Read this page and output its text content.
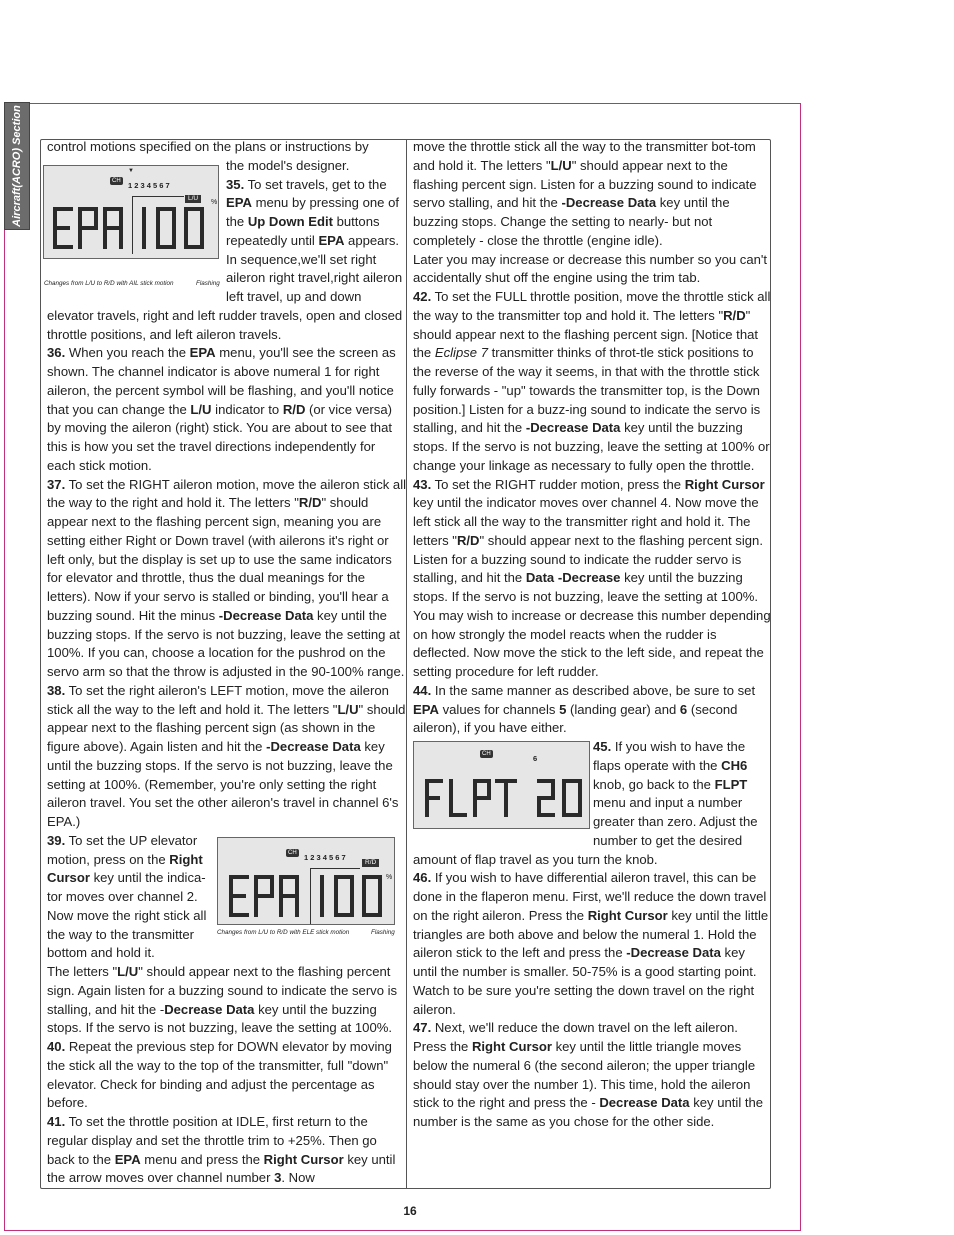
Aircraft(ACRO) Section control motions specified on the plans or instructions by

▼
CH 1 2 3 4 5 6 7
L/U
%
Changes from L/U to R/D with AIL stick motion	Flashing

the model's designer.

35. To set travels, get to the EPA menu by pressing one of the Up Down Edit buttons repeatedly until EPA appears. In sequence,we'll set right aileron right travel,right aileron left travel, up and down elevator travels, right and left rudder travels, open and closed throttle positions, and left aileron travels.

36. When you reach the EPA menu, you'll see the screen as shown. The channel indicator is above numeral 1 for right aileron, the percent symbol will be flashing, and you'll notice that you can change the L/U indicator to R/D (or vice versa) by moving the aileron (right) stick. You are about to see that this is how you set the travel directions independently for each stick motion.

37. To set the RIGHT aileron motion, move the aileron stick all the way to the right and hold it. The letters "R/D" should appear next to the flashing percent sign, meaning you are setting either Right or Down travel (with ailerons it's right or left only, but the display is set up to use the same indicators for elevator and throttle, thus the dual meanings for the letters). Now if your servo is stalled or binding, you'll hear a buzzing sound. Hit the minus -Decrease Data key until the buzzing stops. If the servo is not buzzing, leave the setting at 100%. If you can, choose a location for the pushrod on the servo arm so that the throw is adjusted in the 90-100% range.

38. To set the right aileron's LEFT motion, move the aileron stick all the way to the left and hold it. The letters "L/U" should appear next to the flashing percent sign (as shown in the figure above). Again listen and hit the -Decrease Data key until the buzzing stops. If the servo is not buzzing, leave the setting at 100%. (Remember, you're only setting the right aileron travel. You set the other aileron's travel in channel 6's EPA.)

CH 1 2 3 4 5 6 7
R/D
%
Changes from L/U to R/D with ELE stick motion	Flashing

39. To set the UP elevator motion, press on the Right Cursor key until the indica-tor moves over channel 2. Now move the right stick all the way to the transmitter bottom and hold it.

The letters "L/U" should appear next to the flashing percent sign. Again listen for a buzzing sound to indicate the servo is stalling, and hit the -Decrease Data key until the buzzing stops. If the servo is not buzzing, leave the setting at 100%.

40. Repeat the previous step for DOWN elevator by moving the stick all the way to the top of the transmitter, full "down" elevator. Check for binding and adjust the percentage as before.

41. To set the throttle position at IDLE, first return to the regular display and set the throttle trim to +25%. Then go back to the EPA menu and press the Right Cursor key until the arrow moves over channel number 3. Now

move the throttle stick all the way to the transmitter bot-tom and hold it. The letters "L/U" should appear next to the flashing percent sign. Listen for a buzzing sound to indicate servo stalling, and hit the -Decrease Data key until the buzzing stops. Change the setting to nearly- but not completely - close the throttle (engine idle).

Later you may increase or decrease this number so you can't accidentally shut off the engine using the trim tab.

42. To set the FULL throttle position, move the throttle stick all the way to the transmitter top and hold it. The letters "R/D" should appear next to the flashing percent sign. [Notice that the Eclipse 7 transmitter thinks of throt-tle stick positions to the reverse of the way it seems, in that with the throttle stick fully forwards - "up" towards the transmitter top, is the Down position.] Listen for a buzz-ing sound to indicate the servo is stalling, and hit the -Decrease Data key until the buzzing stops. If the servo is not buzzing, leave the setting at 100% or change your linkage as necessary to fully open the throttle.

43. To set the RIGHT rudder motion, press the Right Cursor key until the indicator moves over channel 4. Now move the left stick all the way to the transmitter right and hold it. The letters "R/D" should appear next to the flashing percent sign. Listen for a buzzing sound to indicate the rudder servo is stalling, and hit the Data -Decrease key until the buzzing stops. If the servo is not buzzing, leave the setting at 100%. You may wish to increase or decrease this number depending on how strongly the model reacts when the rudder is deflected. Now move the stick to the left side, and repeat the setting procedure for left rudder.

44. In the same manner as described above, be sure to set EPA values for channels 5 (landing gear) and 6 (second aileron), if you have either.

CH	6

45. If you wish to have the flaps operate with the CH6 knob, go back to the FLPT menu and input a number greater than zero. Adjust the number to get the desired amount of flap travel as you turn the knob.

46. If you wish to have differential aileron travel, this can be done in the flaperon menu. First, we'll reduce the down travel on the right aileron. Press the Right Cursor key until the little triangles are both above and below the numeral 1. Hold the aileron stick to the left and press the -Decrease Data key until the number is smaller. 50-75% is a good starting point. Watch to be sure you're setting the down travel on the right aileron.

47. Next, we'll reduce the down travel on the left aileron. Press the Right Cursor key until the little triangle moves below the numeral 6 (the second aileron; the upper triangle should stay over the number 1). This time, hold the aileron stick to the right and press the - Decrease Data key until the number is the same as you chose for the other side.

16
